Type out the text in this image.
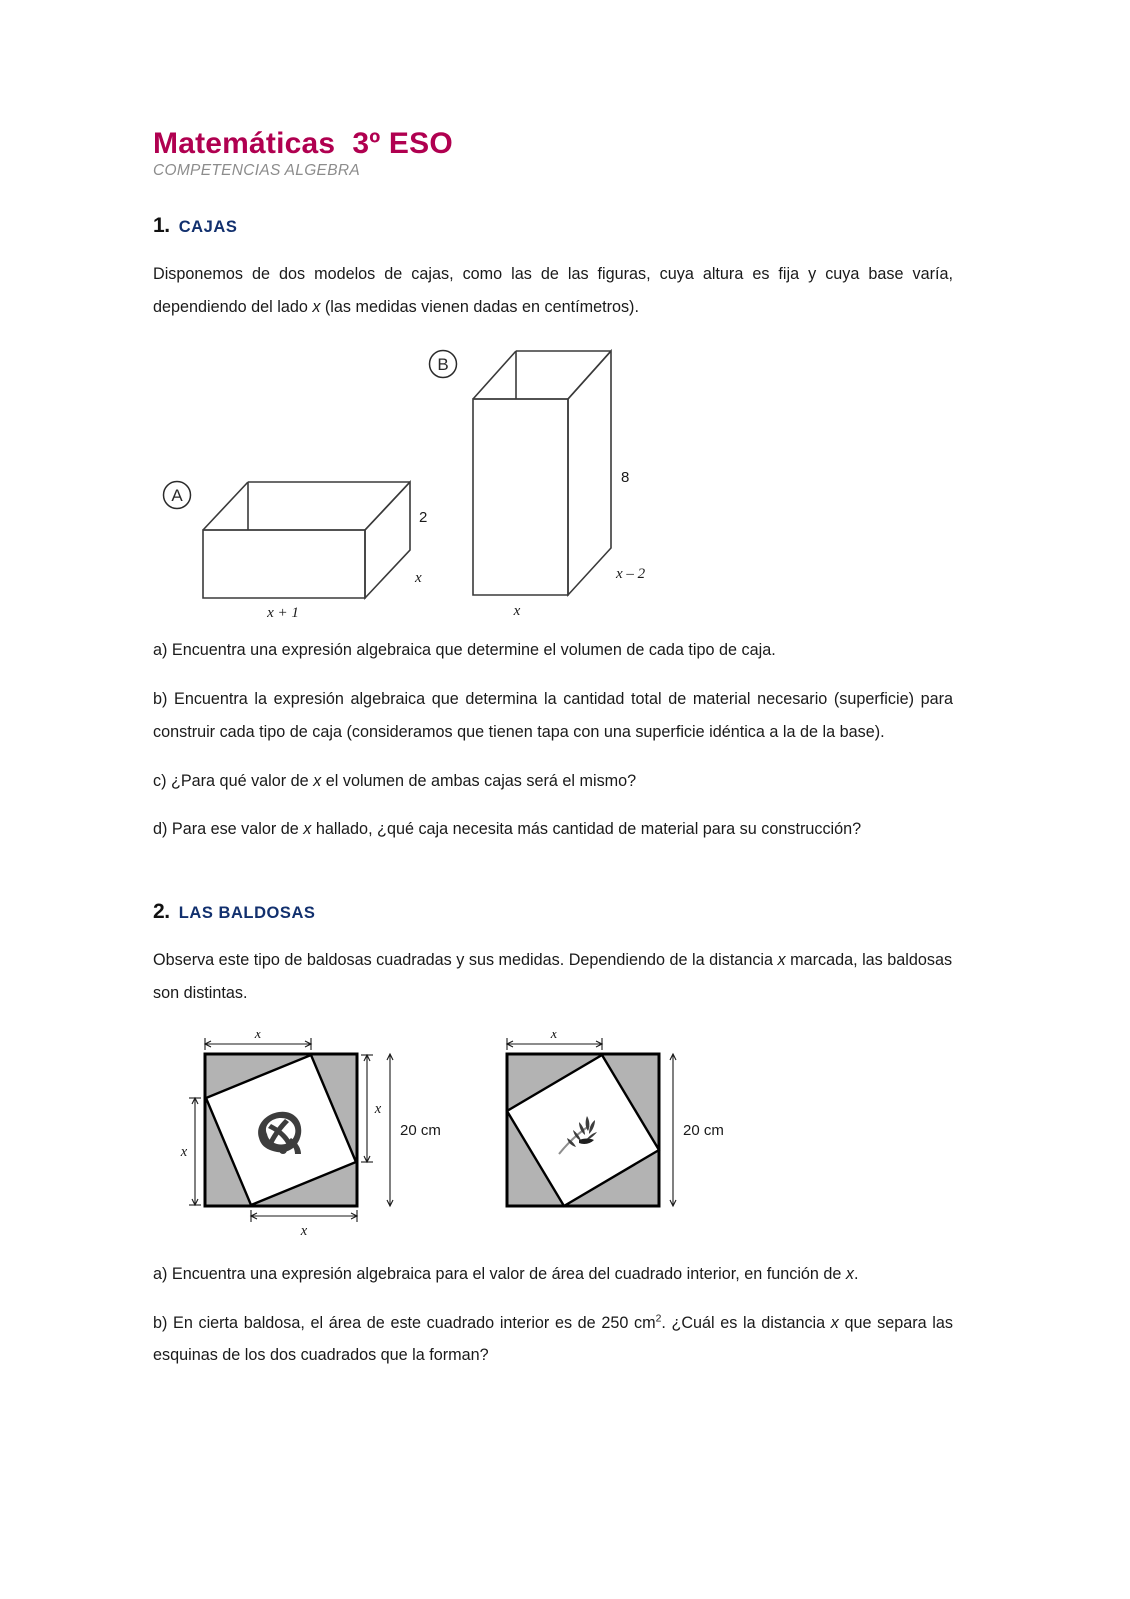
Matemáticas  3º ESO
COMPETENCIAS ALGEBRA
1. CAJAS

Disponemos de dos modelos de cajas, como las de las figuras, cuya altura es fija y cuya base varía, dependiendo del lado x (las medidas vienen dadas en centímetros).

B
8
x – 2
x
A
2
x
x + 1

a) Encuentra una expresión algebraica que determine el volumen de cada tipo de caja.

b) Encuentra la expresión algebraica que determina la cantidad total de material necesario (superficie) para construir cada tipo de caja (consideramos que tienen tapa con una superficie idéntica a la de la base).

c) ¿Para qué valor de x el volumen de ambas cajas será el mismo?

d) Para ese valor de x hallado, ¿qué caja necesita más cantidad de material para su construcción?

2. LAS BALDOSAS

Observa este tipo de baldosas cuadradas y sus medidas. Dependiendo de la distancia x marcada, las baldosas son distintas.

x
x
x
x
20 cm
x
20 cm

a) Encuentra una expresión algebraica para el valor de área del cuadrado interior, en función de x.

b) En cierta baldosa, el área de este cuadrado interior es de 250 $cm^2$. ¿Cuál es la distancia x que separa las esquinas de los dos cuadrados que la forman?
